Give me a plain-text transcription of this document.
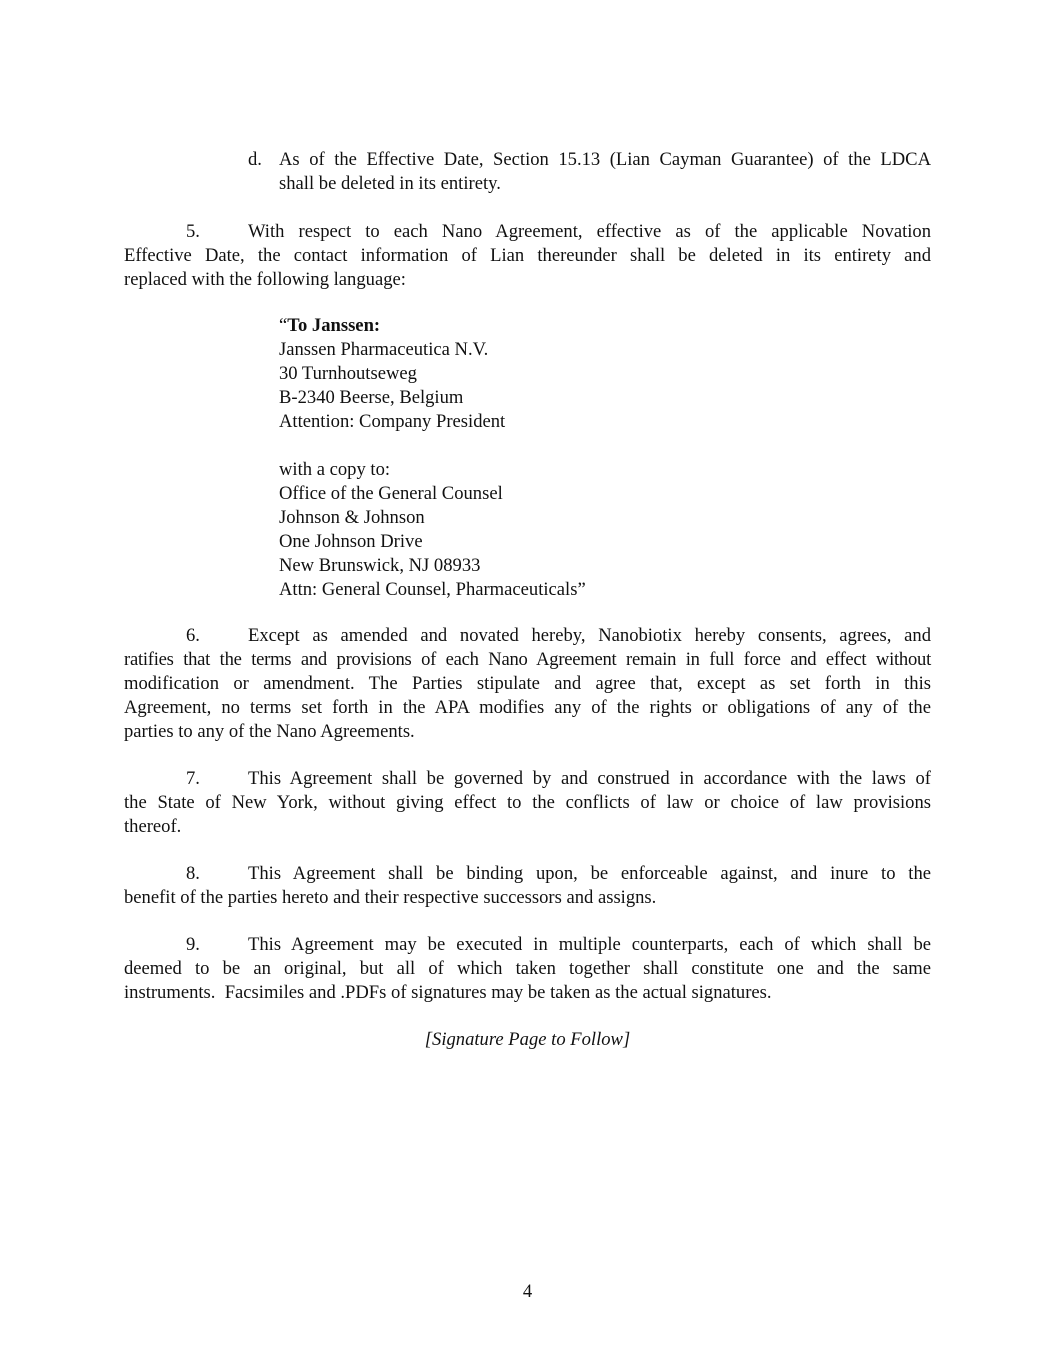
d. As of the Effective Date, Section 15.13 (Lian Cayman Guarantee) of the LDCA
shall be deleted in its entirety.
5.	With respect to each Nano Agreement, effective as of the applicable Novation
Effective Date, the contact information of Lian thereunder shall be deleted in its entirety and
replaced with the following language:
“To Janssen:
Janssen Pharmaceutica N.V.
30 Turnhoutseweg
B-2340 Beerse, Belgium
Attention: Company President
with a copy to:
Office of the General Counsel
Johnson & Johnson
One Johnson Drive
New Brunswick, NJ 08933
Attn: General Counsel, Pharmaceuticals”
6.	Except as amended and novated hereby, Nanobiotix hereby consents, agrees, and
ratifies that the terms and provisions of each Nano Agreement remain in full force and effect without
modification or amendment. The Parties stipulate and agree that, except as set forth in this
Agreement, no terms set forth in the APA modifies any of the rights or obligations of any of the
parties to any of the Nano Agreements.
7.	This Agreement shall be governed by and construed in accordance with the laws of
the State of New York, without giving effect to the conflicts of law or choice of law provisions
thereof.
8.	This Agreement shall be binding upon, be enforceable against, and inure to the
benefit of the parties hereto and their respective successors and assigns.
9.	This Agreement may be executed in multiple counterparts, each of which shall be
deemed to be an original, but all of which taken together shall constitute one and the same
instruments.  Facsimiles and .PDFs of signatures may be taken as the actual signatures.
[Signature Page to Follow]
4
